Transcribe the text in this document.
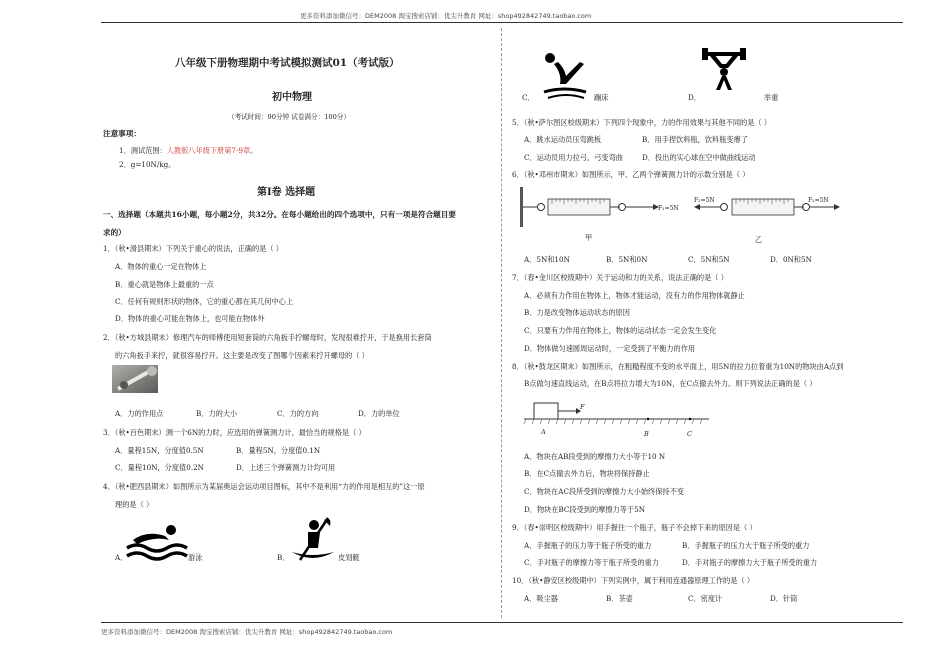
更多资料添加微信号：DEM2008 淘宝搜索店铺：优尖升教育 网址：shop492842749.taobao.com
更多资料添加微信号：DEM2008 淘宝搜索店铺：优尖升教育 网址：shop492842749.taobao.com
八年级下册物理期中考试模拟测试01（考试版）
初中物理
（考试时间：90分钟 试卷满分：100分）
注意事项：
1．测试范围：人教版八年级下册第7-9章。
2．g=10N/kg。
第Ⅰ卷 选择题
一、选择题（本题共16小题，每小题2分，共32分。在每小题给出的四个选项中，只有一项是符合题目要
求的）
1．（秋•滑县期末）下列关于重心的说法，正确的是（ ）
A．物体的重心一定在物体上
B．重心就是物体上最重的一点
C．任何有规则形状的物体，它的重心都在其几何中心上
D．物体的重心可能在物体上，也可能在物体外
2．（秋•方城县期末）修理汽车的师傅使用短套筒的六角扳手拧螺母时，发现很难拧开，于是换用长套筒
的六角扳手来拧，就很容易拧开。这主要是改变了图哪个因素来拧开螺母的（ ）
A．力的作用点	B．力的大小	C．力的方向	D．力的单位
3．（秋•百色期末）测一个6N的力时，应选用的弹簧测力计，最恰当的规格是（ ）
A．量程15N，分度值0.5N	B．量程5N，分度值0.1N
C．量程10N，分度值0.2N	D．上述三个弹簧测力计均可用
4．（秋•肥西县期末）如图所示为某届奥运会运动项目图标，其中不是利用“力的作用是相互的”这一原
理的是（ ）
A．	游泳	B．	皮划艇
C．	蹦床	D．	举重
5．（秋•萨尔图区校级期末）下列四个现象中，力的作用效果与其他不同的是（ ）
A．跳水运动员压弯跳板	B．用手捏饮料瓶，饮料瓶变瘪了
C．运动员用力拉弓，弓变弯曲	D．投出的实心球在空中做曲线运动
6．（秋•邓州市期末）如图所示，甲、乙两个弹簧测力计的示数分别是（ ）
F₁=5N
甲
F₂=5N	F₂=5N
乙
A．5N和10N	B．5N和0N	C．5N和5N	D．0N和5N
7．（春•金川区校级期中）关于运动和力的关系，说法正确的是（ ）
A．必须有力作用在物体上，物体才能运动，没有力的作用物体就静止
B．力是改变物体运动状态的原因
C．只要有力作用在物体上，物体的运动状态一定会发生变化
D．物体做匀速圆周运动时，一定受到了平衡力的作用
8．（秋•鼓龙区期末）如图所示，在粗糙程度不变的水平面上，用5N的拉力拉着重为10N的物块由A点到
B点做匀速直线运动，在B点将拉力增大为10N，在C点撤去外力。则下列说法正确的是（ ）
F
A	B	C
A．物块在AB段受到的摩擦力大小等于10 N
B．在C点撤去外力后，物块将保持静止
C．物块在AC段所受到的摩擦力大小始终保持不变
D．物块在BC段受到的摩擦力等于5N
9．（春•崇明区校级期中）用手握住一个瓶子，瓶子不会掉下来的原因是（ ）
A．手握瓶子的压力等于瓶子所受的重力	B．手握瓶子的压力大于瓶子所受的重力
C．手对瓶子的摩擦力等于瓶子所受的重力	D．手对瓶子的摩擦力大于瓶子所受的重力
10．（秋•静安区校级期中）下列实例中，属于利用连通器原理工作的是（ ）
A．吸尘器	B．茶壶	C．密度计	D．针筒
